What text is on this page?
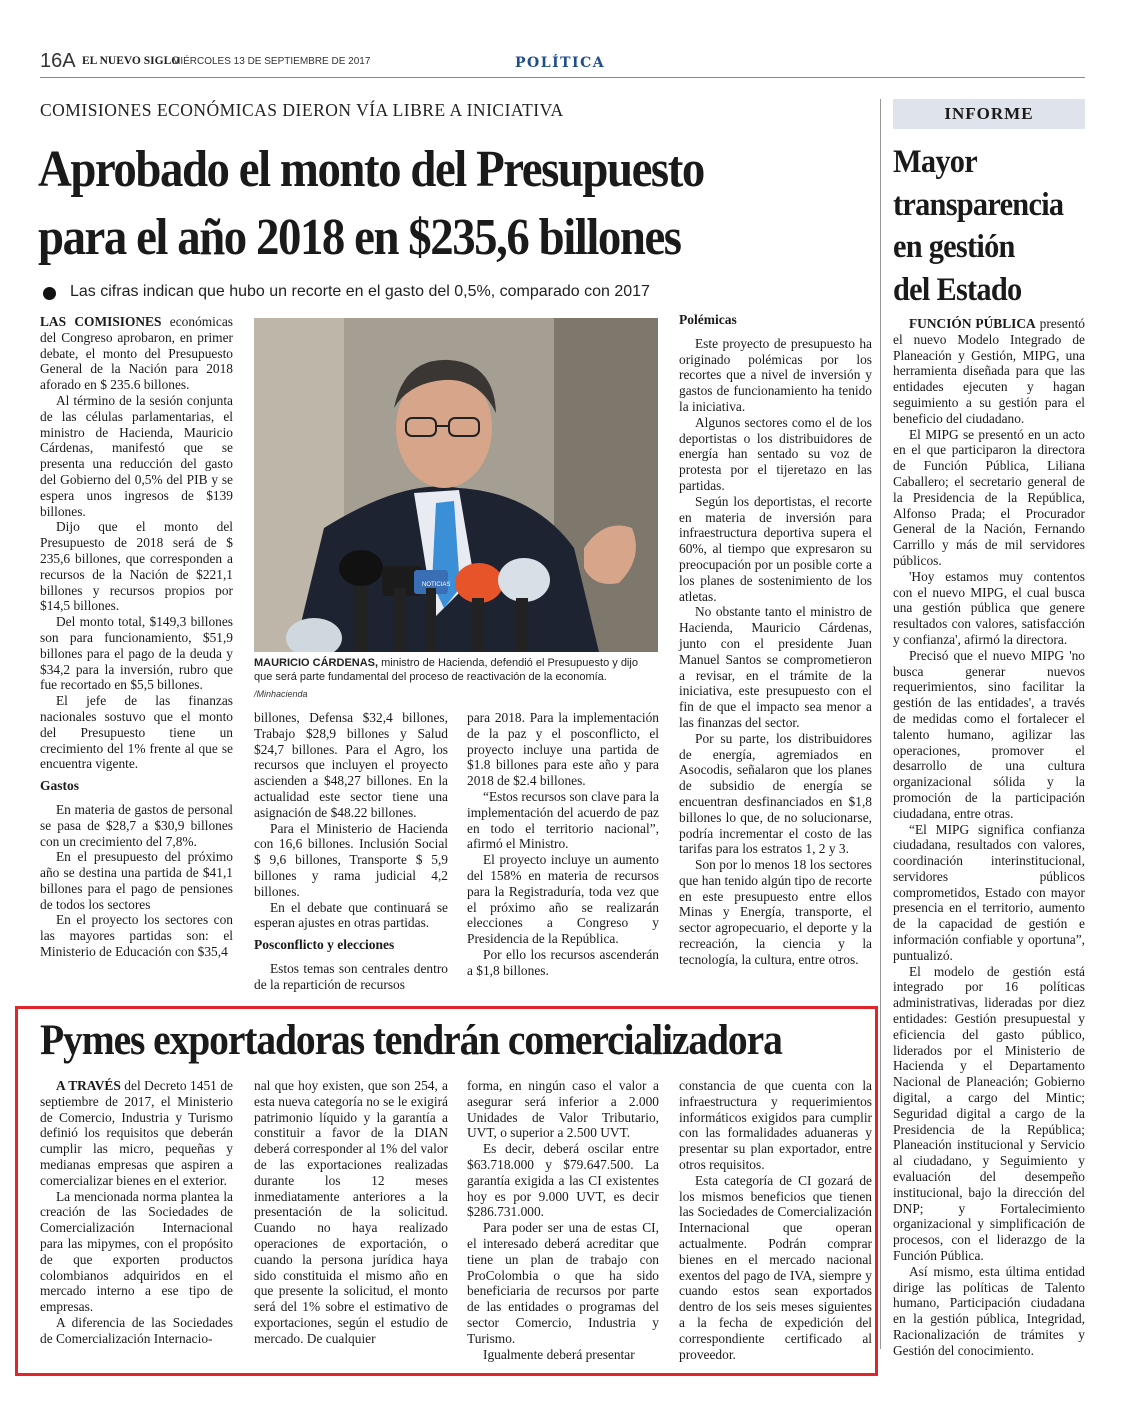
16A EL NUEVO SIGLO
MIÉRCOLES 13 DE SEPTIEMBRE DE 2017	POLÍTICA
COMISIONES ECONÓMICAS DIERON VÍA LIBRE A INICIATIVA
Aprobado el monto del Presupuesto
para el año 2018 en $235,6 billones
Las cifras indican que hubo un recorte en el gasto del 0,5%, comparado con 2017

LAS COMISIONES económicas del Congreso aprobaron, en primer debate, el monto del Presupuesto General de la Nación para 2018 aforado en $ 235.6 billones.

Al término de la sesión conjunta de las células parlamentarias, el ministro de Hacienda, Mauricio Cárdenas, manifestó que se presenta una reducción del gasto del Gobierno del 0,5% del PIB y se espera unos ingresos de $139 billones.

Dijo que el monto del Presupuesto de 2018 será de $ 235,6 billones, que corresponden a recursos de la Nación de $221,1 billones y recursos propios por $14,5 billones.

Del monto total, $149,3 billones son para funcionamiento, $51,9 billones para el pago de la deuda y $34,2 para la inversión, rubro que fue recortado en $5,5 billones.

El jefe de las finanzas nacionales sostuvo que el monto del Presupuesto tiene un crecimiento del 1% frente al que se encuentra vigente.

Gastos

En materia de gastos de personal se pasa de $28,7 a $30,9 billones con un crecimiento del 7,8%.

En el presupuesto del próximo año se destina una partida de $41,1 billones para el pago de pensiones de todos los sectores

En el proyecto los sectores con las mayores partidas son: el Ministerio de Educación con $35,4

NOTICIAS
MAURICIO CÁRDENAS, ministro de Hacienda, defendió el Presupuesto y dijo que será parte fundamental del proceso de reactivación de la economía.
/Minhacienda

billones, Defensa $32,4 billones, Trabajo $28,9 billones y Salud $24,7 billones. Para el Agro, los recursos que incluyen el proyecto ascienden a $48,27 billones. En la actualidad este sector tiene una asignación de $48.22 billones.

Para el Ministerio de Hacienda con 16,6 billones. Inclusión Social $ 9,6 billones, Transporte $ 5,9 billones y rama judicial 4,2 billones.

En el debate que continuará se esperan ajustes en otras partidas.

Posconflicto y elecciones

Estos temas son centrales dentro de la repartición de recursos

para 2018. Para la implementación de la paz y el posconflicto, el proyecto incluye una partida de $1.8 billones para este año y para 2018 de $2.4 billones.

“Estos recursos son clave para la implementación del acuerdo de paz en todo el territorio nacional”, afirmó el Ministro.

El proyecto incluye un aumento del 158% en materia de recursos para la Registraduría, toda vez que el próximo año se realizarán elecciones a Congreso y Presidencia de la República.

Por ello los recursos ascenderán a $1,8 billones.

Polémicas

Este proyecto de presupuesto ha originado polémicas por los recortes que a nivel de inversión y gastos de funcionamiento ha tenido la iniciativa.

Algunos sectores como el de los deportistas o los distribuidores de energía han sentado su voz de protesta por el tijeretazo en las partidas.

Según los deportistas, el recorte en materia de inversión para infraestructura deportiva supera el 60%, al tiempo que expresaron su preocupación por un posible corte a los planes de sostenimiento de los atletas.

No obstante tanto el ministro de Hacienda, Mauricio Cárdenas, junto con el presidente Juan Manuel Santos se comprometieron a revisar, en el trámite de la iniciativa, este presupuesto con el fin de que el impacto sea menor a las finanzas del sector.

Por su parte, los distribuidores de energía, agremiados en Asocodis, señalaron que los planes de subsidio de energía se encuentran desfinanciados en $1,8 billones lo que, de no solucionarse, podría incrementar el costo de las tarifas para los estratos 1, 2 y 3.

Son por lo menos 18 los sectores que han tenido algún tipo de recorte en este presupuesto entre ellos Minas y Energía, transporte, el sector agropecuario, el deporte y la recreación, la ciencia y la tecnología, la cultura, entre otros.

INFORME
Mayor
transparencia
en gestión
del Estado

FUNCIÓN PÚBLICA presentó el nuevo Modelo Integrado de Planeación y Gestión, MIPG, una herramienta diseñada para que las entidades ejecuten y hagan seguimiento a su gestión para el beneficio del ciudadano.

El MIPG se presentó en un acto en el que participaron la directora de Función Pública, Liliana Caballero; el secretario general de la Presidencia de la República, Alfonso Prada; el Procurador General de la Nación, Fernando Carrillo y más de mil servidores públicos.

'Hoy estamos muy contentos con el nuevo MIPG, el cual busca una gestión pública que genere resultados con valores, satisfacción y confianza', afirmó la directora.

Precisó que el nuevo MIPG 'no busca generar nuevos requerimientos, sino facilitar la gestión de las entidades', a través de medidas como el fortalecer el talento humano, agilizar las operaciones, promover el desarrollo de una cultura organizacional sólida y la promoción de la participación ciudadana, entre otras.

“El MIPG significa confianza ciudadana, resultados con valores, coordinación interinstitucional, servidores públicos comprometidos, Estado con mayor presencia en el territorio, aumento de la capacidad de gestión e información confiable y oportuna”, puntualizó.

El modelo de gestión está integrado por 16 políticas administrativas, lideradas por diez entidades: Gestión presupuestal y eficiencia del gasto público, liderados por el Ministerio de Hacienda y el Departamento Nacional de Planeación; Gobierno digital, a cargo del Mintic; Seguridad digital a cargo de la Presidencia de la República; Planeación institucional y Servicio al ciudadano, y Seguimiento y evaluación del desempeño institucional, bajo la dirección del DNP; y Fortalecimiento organizacional y simplificación de procesos, con el liderazgo de la Función Pública.

Así mismo, esta última entidad dirige las políticas de Talento humano, Participación ciudadana en la gestión pública, Integridad, Racionalización de trámites y Gestión del conocimiento.

Pymes exportadoras tendrán comercializadora

A TRAVÉS del Decreto 1451 de septiembre de 2017, el Ministerio de Comercio, Industria y Turismo definió los requisitos que deberán cumplir las micro, pequeñas y medianas empresas que aspiren a comercializar bienes en el exterior.

La mencionada norma plantea la creación de las Sociedades de Comercialización Internacional para las mipymes, con el propósito de que exporten productos colombianos adquiridos en el mercado interno a ese tipo de empresas.

A diferencia de las Sociedades de Comercialización Internacio-

nal que hoy existen, que son 254, a esta nueva categoría no se le exigirá patrimonio líquido y la garantía a constituir a favor de la DIAN deberá corresponder al 1% del valor de las exportaciones realizadas durante los 12 meses inmediatamente anteriores a la presentación de la solicitud. Cuando no haya realizado operaciones de exportación, o cuando la persona jurídica haya sido constituida el mismo año en que presente la solicitud, el monto será del 1% sobre el estimativo de exportaciones, según el estudio de mercado. De cualquier

forma, en ningún caso el valor a asegurar será inferior a 2.000 Unidades de Valor Tributario, UVT, o superior a 2.500 UVT.

Es decir, deberá oscilar entre $63.718.000 y $79.647.500. La garantía exigida a las CI existentes hoy es por 9.000 UVT, es decir $286.731.000.

Para poder ser una de estas CI, el interesado deberá acreditar que tiene un plan de trabajo con ProColombia o que ha sido beneficiaria de recursos por parte de las entidades o programas del sector Comercio, Industria y Turismo.

Igualmente deberá presentar

constancia de que cuenta con la infraestructura y requerimientos informáticos exigidos para cumplir con las formalidades aduaneras y presentar su plan exportador, entre otros requisitos.

Esta categoría de CI gozará de los mismos beneficios que tienen las Sociedades de Comercialización Internacional que operan actualmente. Podrán comprar bienes en el mercado nacional exentos del pago de IVA, siempre y cuando estos sean exportados dentro de los seis meses siguientes a la fecha de expedición del correspondiente certificado al proveedor.
